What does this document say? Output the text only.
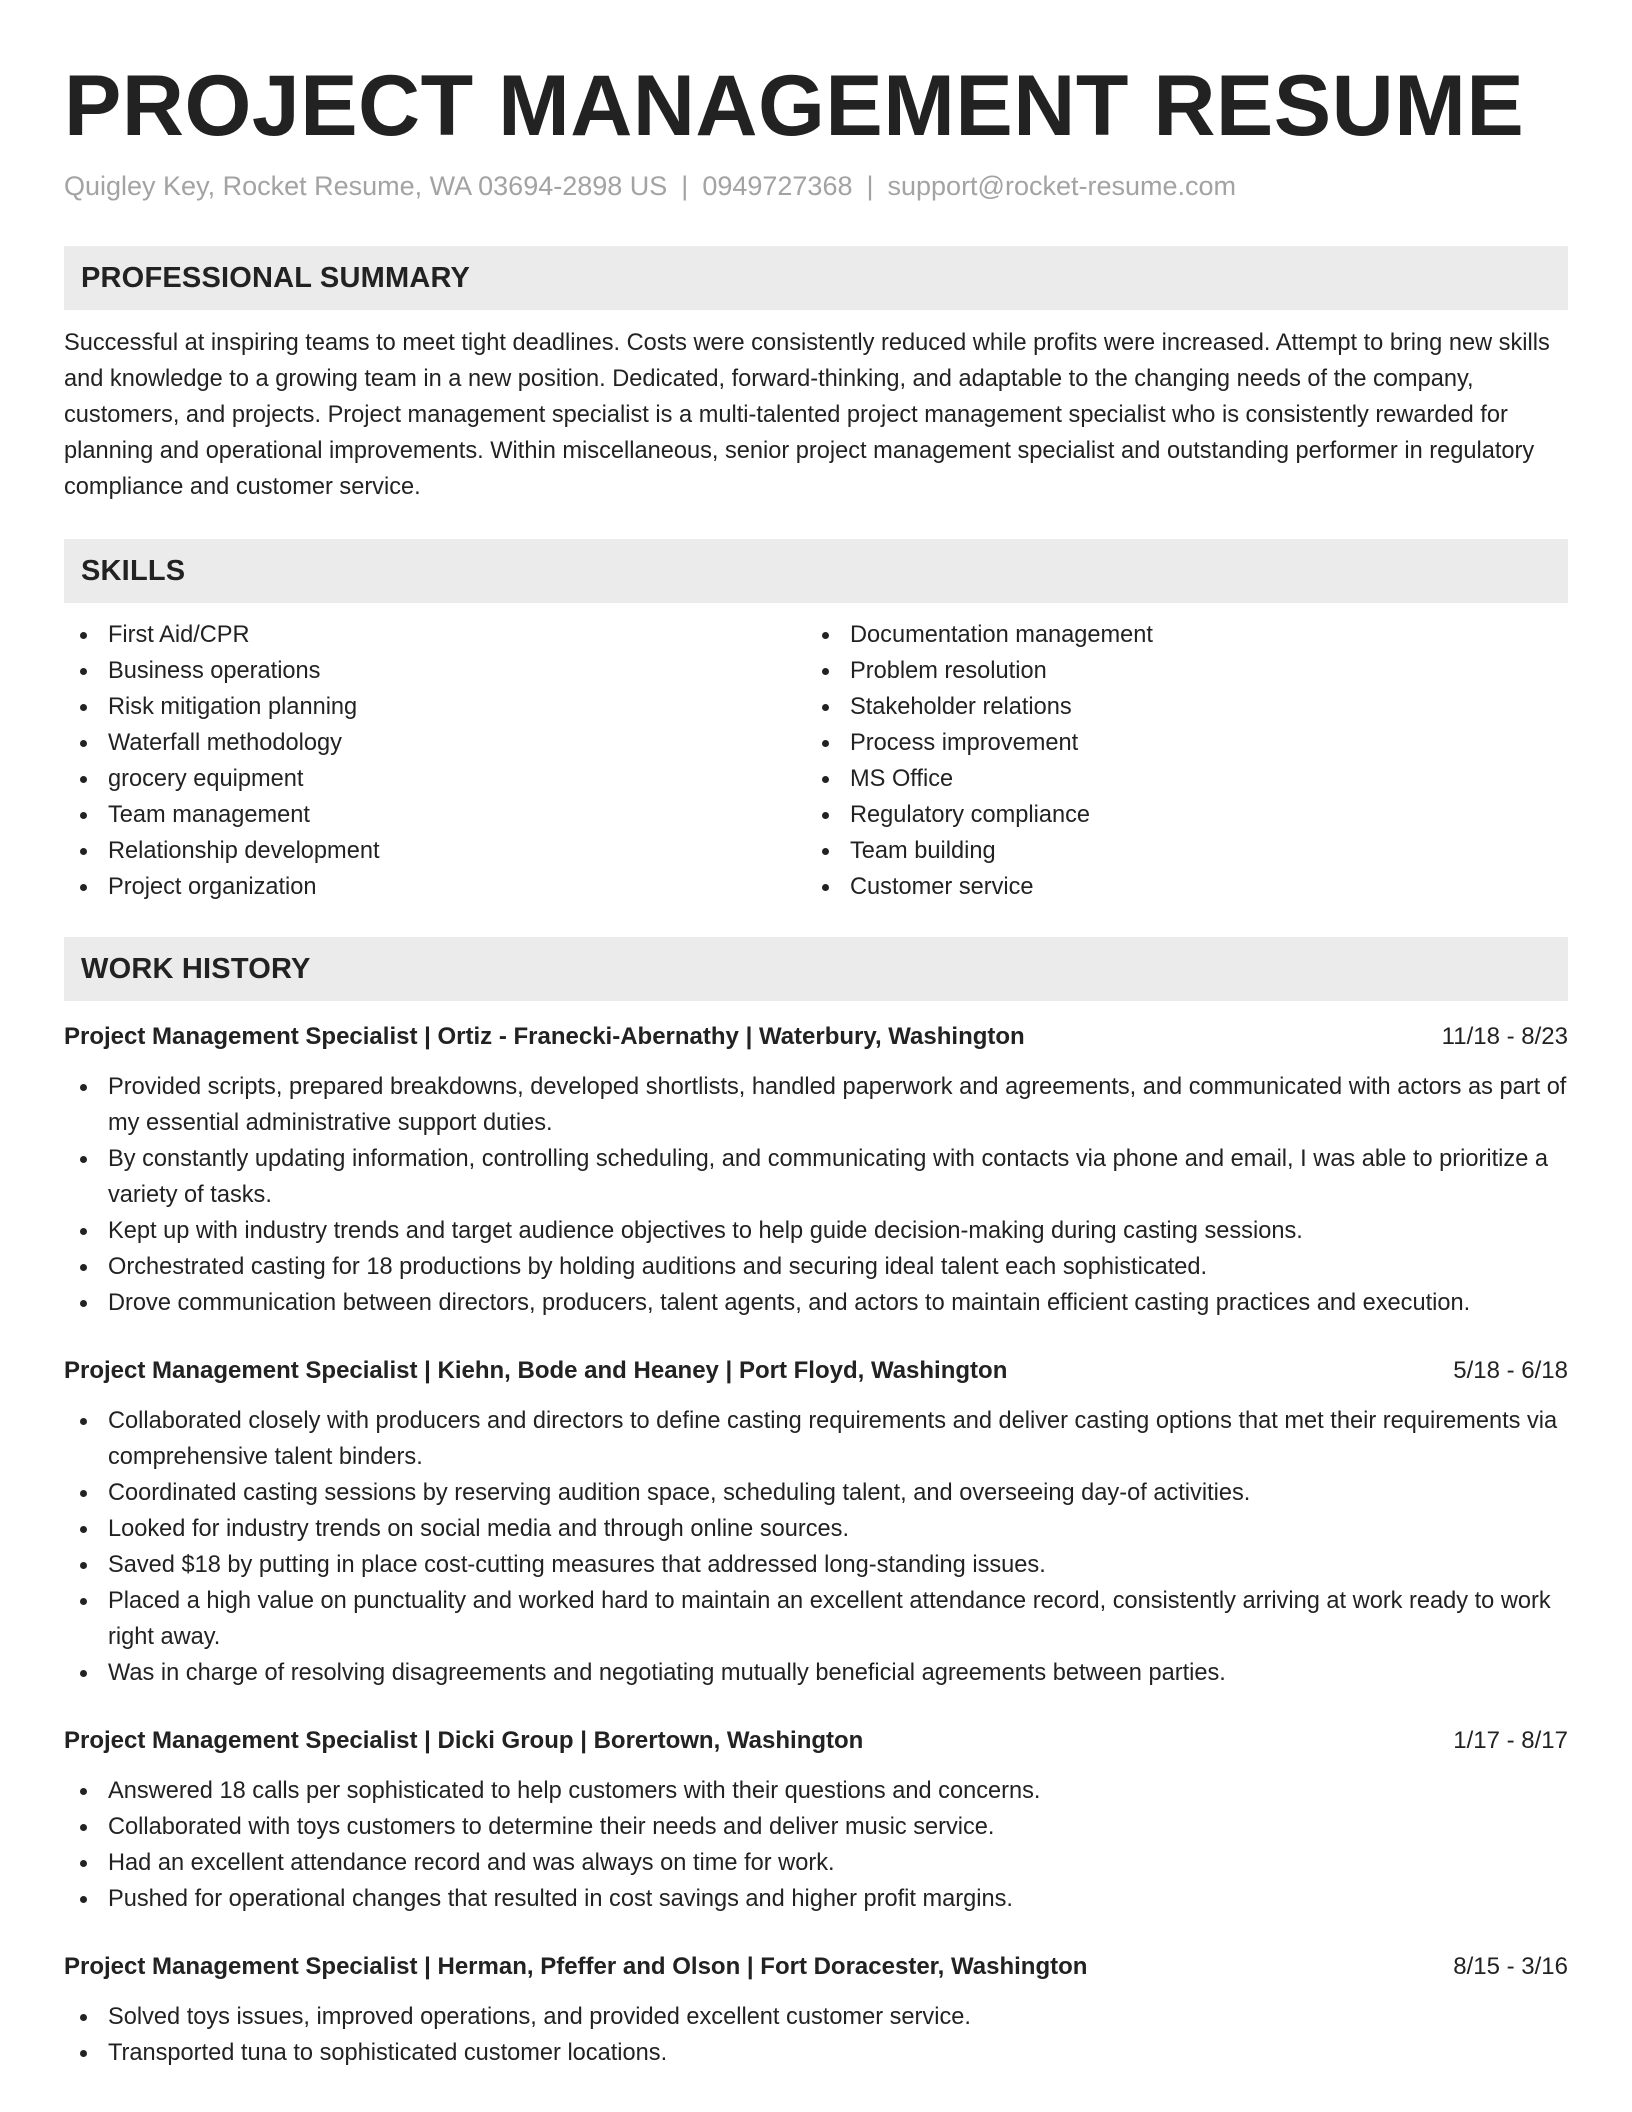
PROJECT MANAGEMENT RESUME
Quigley Key, Rocket Resume, WA 03694-2898 US | 0949727368 | support@rocket-resume.com
PROFESSIONAL SUMMARY
Successful at inspiring teams to meet tight deadlines. Costs were consistently reduced while profits were increased. Attempt to bring new skills and knowledge to a growing team in a new position. Dedicated, forward-thinking, and adaptable to the changing needs of the company, customers, and projects. Project management specialist is a multi-talented project management specialist who is consistently rewarded for planning and operational improvements. Within miscellaneous, senior project management specialist and outstanding performer in regulatory compliance and customer service.
SKILLS
First Aid/CPR
Business operations
Risk mitigation planning
Waterfall methodology
grocery equipment
Team management
Relationship development
Project organization
Documentation management
Problem resolution
Stakeholder relations
Process improvement
MS Office
Regulatory compliance
Team building
Customer service
WORK HISTORY
Project Management Specialist | Ortiz - Franecki-Abernathy | Waterbury, Washington	11/18 - 8/23
Provided scripts, prepared breakdowns, developed shortlists, handled paperwork and agreements, and communicated with actors as part of my essential administrative support duties.
By constantly updating information, controlling scheduling, and communicating with contacts via phone and email, I was able to prioritize a variety of tasks.
Kept up with industry trends and target audience objectives to help guide decision-making during casting sessions.
Orchestrated casting for 18 productions by holding auditions and securing ideal talent each sophisticated.
Drove communication between directors, producers, talent agents, and actors to maintain efficient casting practices and execution.
Project Management Specialist | Kiehn, Bode and Heaney | Port Floyd, Washington	5/18 - 6/18
Collaborated closely with producers and directors to define casting requirements and deliver casting options that met their requirements via comprehensive talent binders.
Coordinated casting sessions by reserving audition space, scheduling talent, and overseeing day-of activities.
Looked for industry trends on social media and through online sources.
Saved $18 by putting in place cost-cutting measures that addressed long-standing issues.
Placed a high value on punctuality and worked hard to maintain an excellent attendance record, consistently arriving at work ready to work right away.
Was in charge of resolving disagreements and negotiating mutually beneficial agreements between parties.
Project Management Specialist | Dicki Group | Borertown, Washington	1/17 - 8/17
Answered 18 calls per sophisticated to help customers with their questions and concerns.
Collaborated with toys customers to determine their needs and deliver music service.
Had an excellent attendance record and was always on time for work.
Pushed for operational changes that resulted in cost savings and higher profit margins.
Project Management Specialist | Herman, Pfeffer and Olson | Fort Doracester, Washington	8/15 - 3/16
Solved toys issues, improved operations, and provided excellent customer service.
Transported tuna to sophisticated customer locations.
